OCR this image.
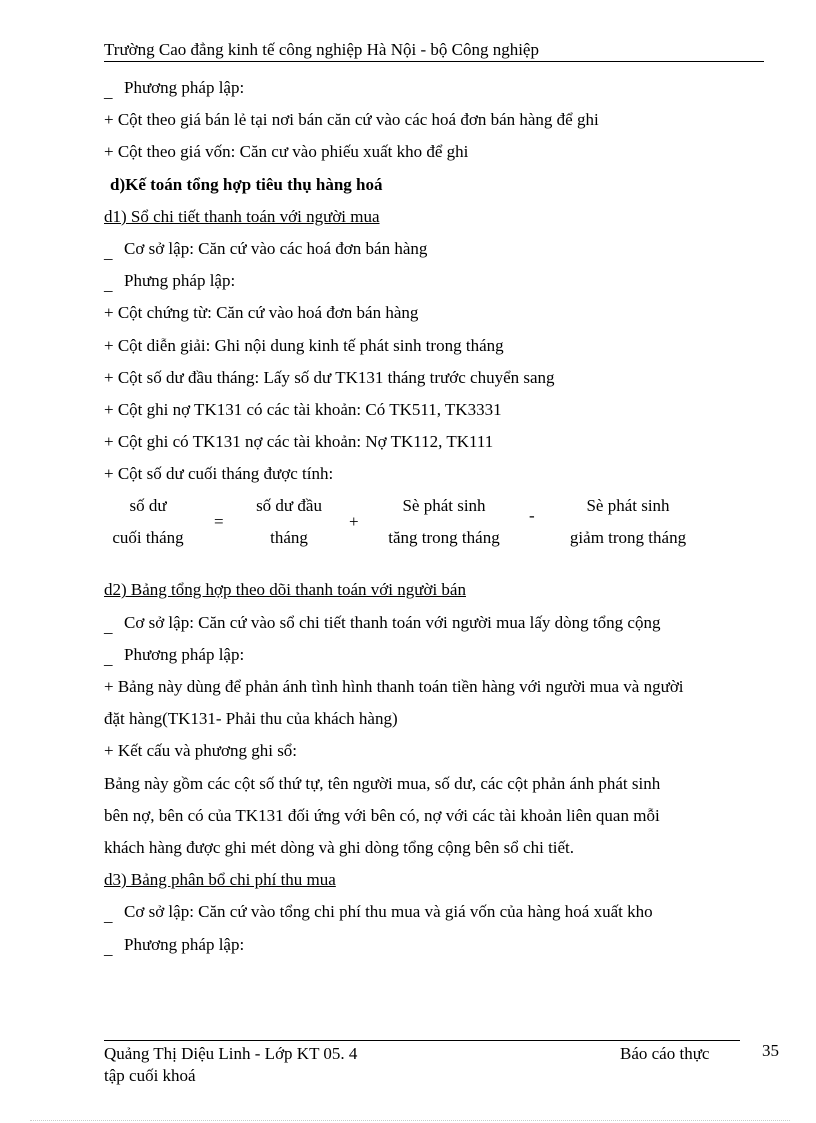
Trường Cao đẳng kinh tế công nghiệp Hà Nội - bộ Công nghiệp
_ Phương pháp lập:
+ Cột theo giá bán lẻ tại nơi bán căn cứ vào các hoá đơn bán hàng để ghi
+ Cột theo giá vốn: Căn cư vào phiếu xuất kho để ghi
d)Kế toán tổng hợp tiêu thụ hàng hoá
d1) Sổ chi tiết thanh toán với người mua
_ Cơ sở lập: Căn cứ vào các hoá đơn bán hàng
_ Phưng pháp lập:
+ Cột chứng từ: Căn cứ vào hoá đơn bán hàng
+ Cột diễn giải: Ghi nội dung kinh tế phát sinh trong tháng
+ Cột số dư đầu tháng: Lấy số dư TK131 tháng trước chuyển sang
+ Cột ghi nợ TK131 có các tài khoản: Có TK511, TK3331
+ Cột ghi có TK131 nợ các tài khoản: Nợ TK112, TK111
+ Cột số dư cuối tháng được tính:
số dư
cuối tháng
=
số dư đầu
tháng
+
Sè phát sinh
tăng trong tháng
-
Sè phát sinh
giảm trong tháng
d2) Bảng tổng hợp theo dõi thanh toán với người bán
_ Cơ sở lập: Căn cứ vào sổ chi tiết thanh toán với người mua lấy dòng tổng cộng
_ Phương pháp lập:
+ Bảng này dùng để phản ánh tình hình thanh toán tiền hàng với người mua và người
đặt hàng(TK131- Phải thu của khách hàng)
+ Kết cấu và phương ghi sổ:
Bảng này gồm các cột số thứ tự, tên người mua, số dư, các cột phản ánh phát sinh
bên nợ, bên có của TK131 đối ứng với bên có, nợ với các tài khoản liên quan mỗi
khách hàng được ghi mét dòng và ghi dòng tổng cộng bên sổ chi tiết.
d3) Bảng phân bổ chi phí thu mua
_ Cơ sở lập: Căn cứ vào tổng chi phí thu mua và giá vốn của hàng hoá xuất kho
_ Phương pháp lập:
Quảng Thị Diệu Linh - Lớp KT 05. 4
tập cuối khoá
Báo cáo thực	35
